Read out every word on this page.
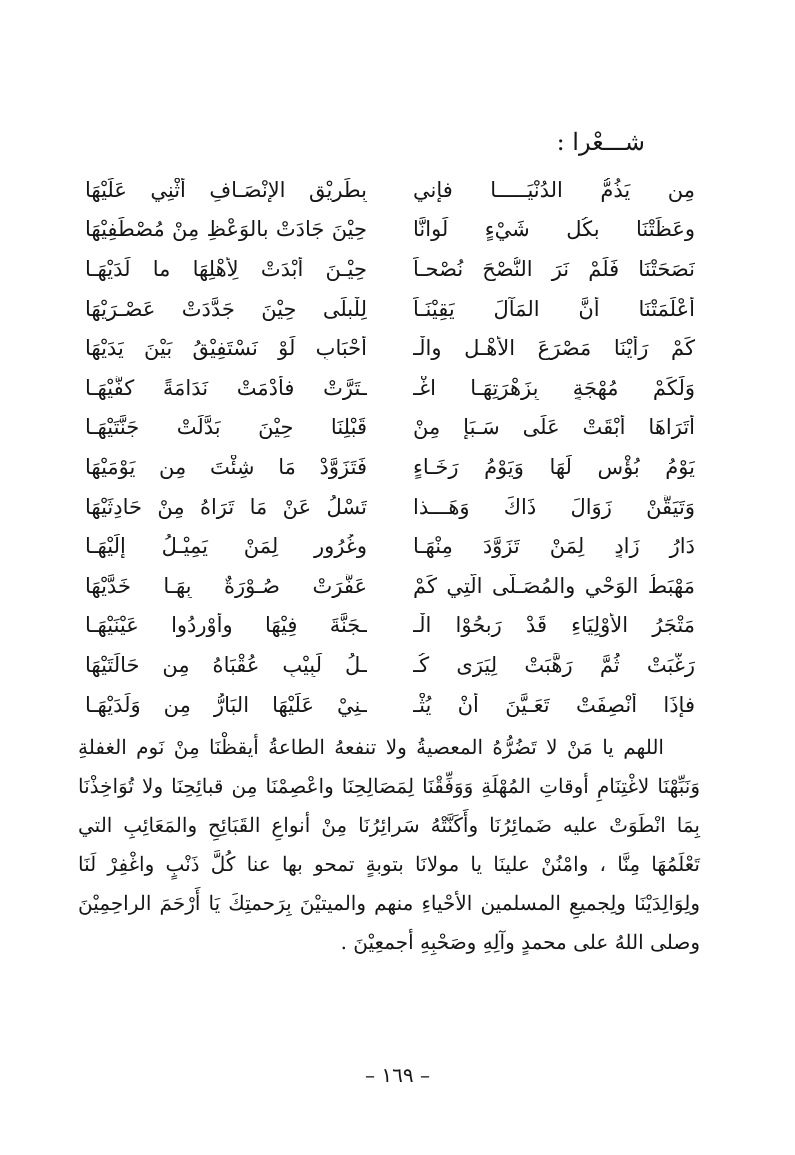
شـــعْرا :
مِن يَذُمُّ الدُنْيَـــــا فإني
بِطَرِيْقِ الإنْصَـافِ أُثْنِي عَلَيْهَا
وعَظَتْنَا بكُلِ شَيْءٍ لَوانَّا
حِيْنَ جَادَتْ بالوَعْظِ مِنْ مُصْطَفِيْهَا
نَصَحَتْنَا فَلَمْ نَرَ النُّصْحَ نُصْحـاً
حِيْـنَ أَبْدَتْ لِأهْلِهَا ما لَدَيْهَـا
أَعْلَمَتْنَا أَنَّ المَآلَ يَقِيْنَـاً
لِلْبلَى حِيْنَ جَدَّدَتْ عَصْـرَيْهَا
كَمْ رَأَيْنَا مَصْرَعَ الأَهْـلِ والْـ
أَحْبَابِ لَوْ نَسْتَفِيْقُ بَيْنَ يَدَيْهَا
وَلَكَمْ مُهْجَةٍ بِزَهْرَتِهَـا اغْـ
ـتَرَّتْ فأدْمَتْ نَدَامَةً كفَّيْهَـا
أَتَرَاهَا أَبْقَتْ عَلَى سَـبَإٍ مِنْ
قَبْلِنَا حِيْنَ بَدَّلَتْ جَنَّتَيْهَـا
يَوْمُ بُؤْسٍ لَهَا وَيَوْمُ رَخَـاءٍ
فَتَزَوَّدْ مَا شِئْتَ مِن يَوْمَيْهَا
وَتَيَقَّنْ زَوَالَ ذَاكَ وَهَـــذا
تَسْلُ عَنْ مَا تَرَاهُ مِنْ حَادِثَيْهَا
دَارُ زَادٍ لِمَنْ تَزَوَّدَ مِنْهَـا
وغُرُورٍ لِمَنْ يَمِيْـلُ إِلَيْهَـا
مَهْبَطُ الوَحْيِ والمُصَـلَّى الَّتِي كَمْ
عَفَّرَتْ صُـوْرَةٌ بِهَـا خَدَّيْهَا
مَتْجَرُ الأَوْلِيَاءِ قَدْ رَبحُوْا الْـ
ـجَنَّةَ فِيْهَا وأَوْرِدُوا عَيْنَيْهَـا
رَغَّبَتْ ثُمَّ رَهَّبَتْ لِيَرَى كُـ
ـلُ لَبِيْبٍ عُقْبَاهُ مِن حَالَتَيْهَا
فإذَا أُنْصِفَتْ تَعَـيَّنَ أنْ يُثْـ
ـنِيْ عَلَيْهَا البَارُّ مِن وَلَدَيْهَـا

اللهم يا مَنْ لا تَضُرُّهُ المعصيةُ ولا تنفعهُ الطاعةُ أيقظْنَا مِنْ نَوم الغفلةِ وَنَبِّهْنَا لاغْتِنَامِ أوقاتِ المُهْلَةِ وَوَفِّقْنَا لِمَصَالِحِنَا واعْصِمْنَا مِن قبائِحِنَا ولا تُوَاخِذْنَا بِمَا انْطَوَتْ عليه ضَمائِرُنَا وأَكَنَّتْهُ سَرائِرُنَا مِنْ أنواعِ القَبَائِحِ والمَعَائِبِ التي تَعْلَمُهَا مِنَّا ، وامْنُنْ علينَا يا مولانَا بتوبةٍ تمحو بها عنا كُلَّ ذَنْبٍ واغْفِرْ لَنَا ولِوَالِدَيْنَا ولِجميعِ المسلمين الأحْياءِ منهم والميتيْنَ بِرَحمتِكَ يَا أَرْحَمَ الراحِمِيْنَ وصلى اللهُ على محمدٍ وآلِهِ وصَحْبِهِ أجمعِيْنَ .

– ١٦٩ –
